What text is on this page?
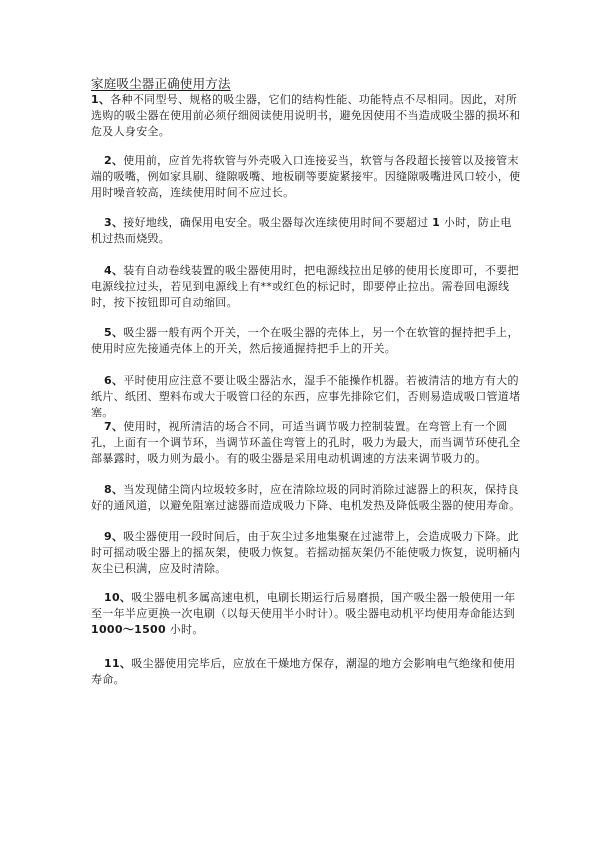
家庭吸尘器正确使用方法

1、各种不同型号、规格的吸尘器，它们的结构性能、功能特点不尽相同。因此，对所选购的吸尘器在使用前必须仔细阅读使用说明书，避免因使用不当造成吸尘器的损坏和危及人身安全。

2、使用前，应首先将软管与外壳吸入口连接妥当，软管与各段超长接管以及接管末端的吸嘴，例如家具刷、缝隙吸嘴、地板刷等要旋紧接牢。因缝隙吸嘴进风口较小，使用时噪音较高，连续使用时间不应过长。

3、接好地线，确保用电安全。吸尘器每次连续使用时间不要超过 1 小时，防止电机过热而烧毁。

4、装有自动卷线装置的吸尘器使用时，把电源线拉出足够的使用长度即可，不要把电源线拉过头，若见到电源线上有**或红色的标记时，即要停止拉出。需卷回电源线时，按下按钮即可自动缩回。

5、吸尘器一般有两个开关，一个在吸尘器的壳体上，另一个在软管的握持把手上，使用时应先接通壳体上的开关，然后接通握持把手上的开关。

6、平时使用应注意不要让吸尘器沾水，湿手不能操作机器。若被清洁的地方有大的纸片、纸团、塑料布或大于吸管口径的东西，应事先排除它们，否则易造成吸口管道堵塞。

7、使用时，视所清洁的场合不同，可适当调节吸力控制装置。在弯管上有一个圆孔，上面有一个调节环，当调节环盖住弯管上的孔时，吸力为最大，而当调节环使孔全部暴露时，吸力则为最小。有的吸尘器是采用电动机调速的方法来调节吸力的。

8、当发现储尘筒内垃圾较多时，应在清除垃圾的同时消除过滤器上的积灰，保持良好的通风道，以避免阻塞过滤器而造成吸力下降、电机发热及降低吸尘器的使用寿命。

9、吸尘器使用一段时间后，由于灰尘过多地集聚在过滤带上，会造成吸力下降。此时可摇动吸尘器上的摇灰架，使吸力恢复。若摇动摇灰架仍不能使吸力恢复，说明桶内灰尘已积满，应及时清除。

10、吸尘器电机多属高速电机，电刷长期运行后易磨损，国产吸尘器一般使用一年至一年半应更换一次电刷（以每天使用半小时计）。吸尘器电动机平均使用寿命能达到1000～1500 小时。

11、吸尘器使用完毕后，应放在干燥地方保存，潮湿的地方会影响电气绝缘和使用寿命。
